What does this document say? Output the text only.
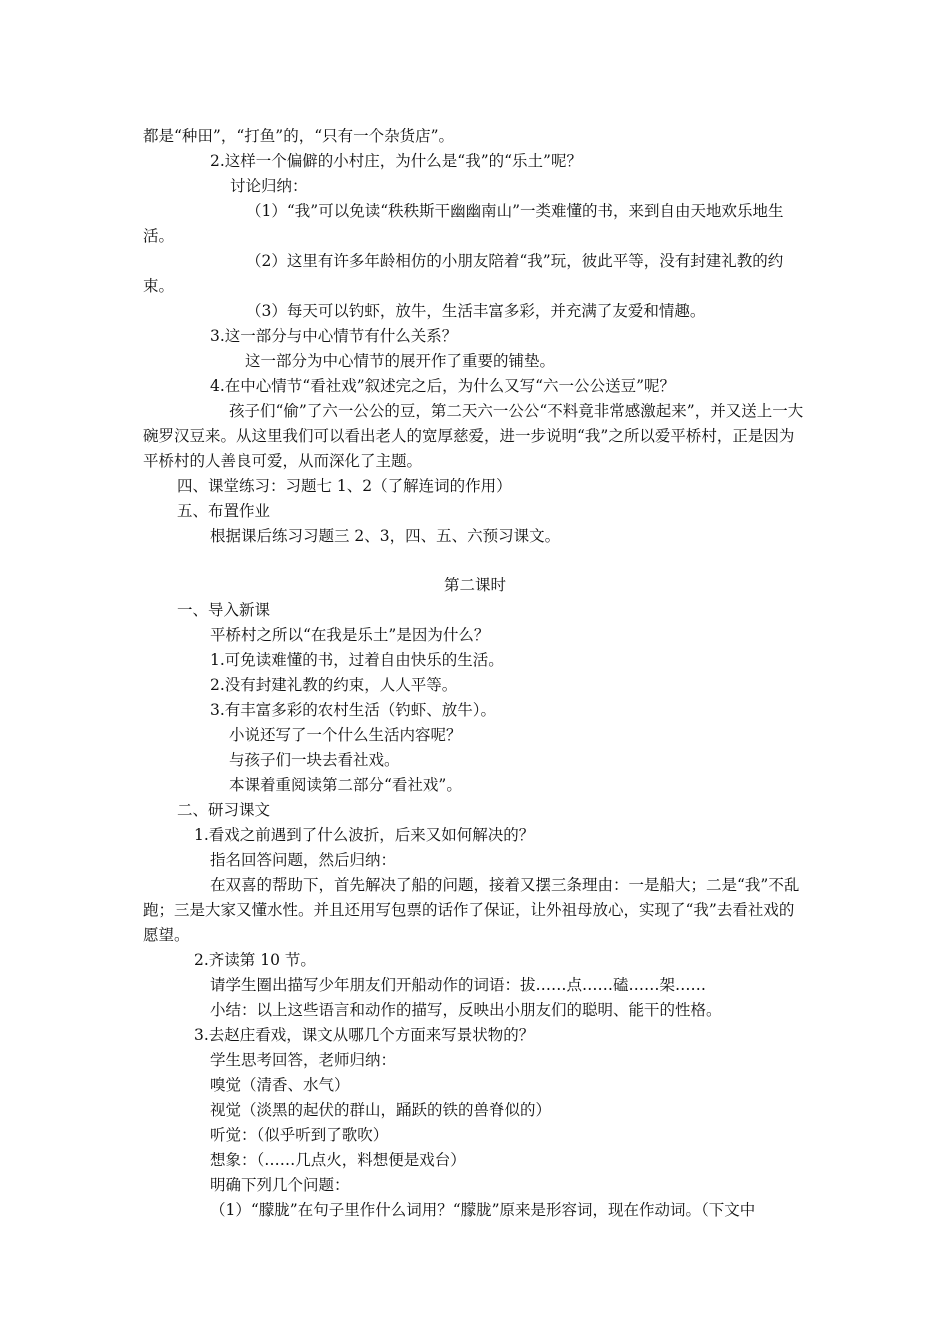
都是“种田”，“打鱼”的，“只有一个杂货店”。
2.这样一个偏僻的小村庄，为什么是“我”的“乐土”呢？
讨论归纳：
（1）“我”可以免读“秩秩斯干幽幽南山”一类难懂的书，来到自由天地欢乐地生活。
（2）这里有许多年龄相仿的小朋友陪着“我”玩，彼此平等，没有封建礼教的约束。
（3）每天可以钓虾，放牛，生活丰富多彩，并充满了友爱和情趣。
3.这一部分与中心情节有什么关系？
这一部分为中心情节的展开作了重要的铺垫。
4.在中心情节“看社戏”叙述完之后，为什么又写“六一公公送豆”呢？
孩子们“偷”了六一公公的豆，第二天六一公公“不料竟非常感激起来”，并又送上一大碗罗汉豆来。从这里我们可以看出老人的宽厚慈爱，进一步说明“我”之所以爱平桥村，正是因为平桥村的人善良可爱，从而深化了主题。
四、课堂练习：习题七 1、2（了解连词的作用）
五、布置作业
根据课后练习习题三 2、3，四、五、六预习课文。
第二课时
一、导入新课
平桥村之所以“在我是乐土”是因为什么？
1.可免读难懂的书，过着自由快乐的生活。
2.没有封建礼教的约束，人人平等。
3.有丰富多彩的农村生活（钓虾、放牛）。
小说还写了一个什么生活内容呢？
与孩子们一块去看社戏。
本课着重阅读第二部分“看社戏”。
二、研习课文
1.看戏之前遇到了什么波折，后来又如何解决的？
指名回答问题，然后归纳：
在双喜的帮助下，首先解决了船的问题，接着又摆三条理由：一是船大；二是“我”不乱跑；三是大家又懂水性。并且还用写包票的话作了保证，让外祖母放心，实现了“我”去看社戏的愿望。
2.齐读第 10 节。
请学生圈出描写少年朋友们开船动作的词语：拔……点……磕……架……
小结：以上这些语言和动作的描写，反映出小朋友们的聪明、能干的性格。
3.去赵庄看戏，课文从哪几个方面来写景状物的？
学生思考回答，老师归纳：
嗅觉（清香、水气）
视觉（淡黑的起伏的群山，踊跃的铁的兽脊似的）
听觉：（似乎听到了歌吹）
想象：（……几点火，料想便是戏台）
明确下列几个问题：
（1）“朦胧”在句子里作什么词用？“朦胧”原来是形容词，现在作动词。（下文中
